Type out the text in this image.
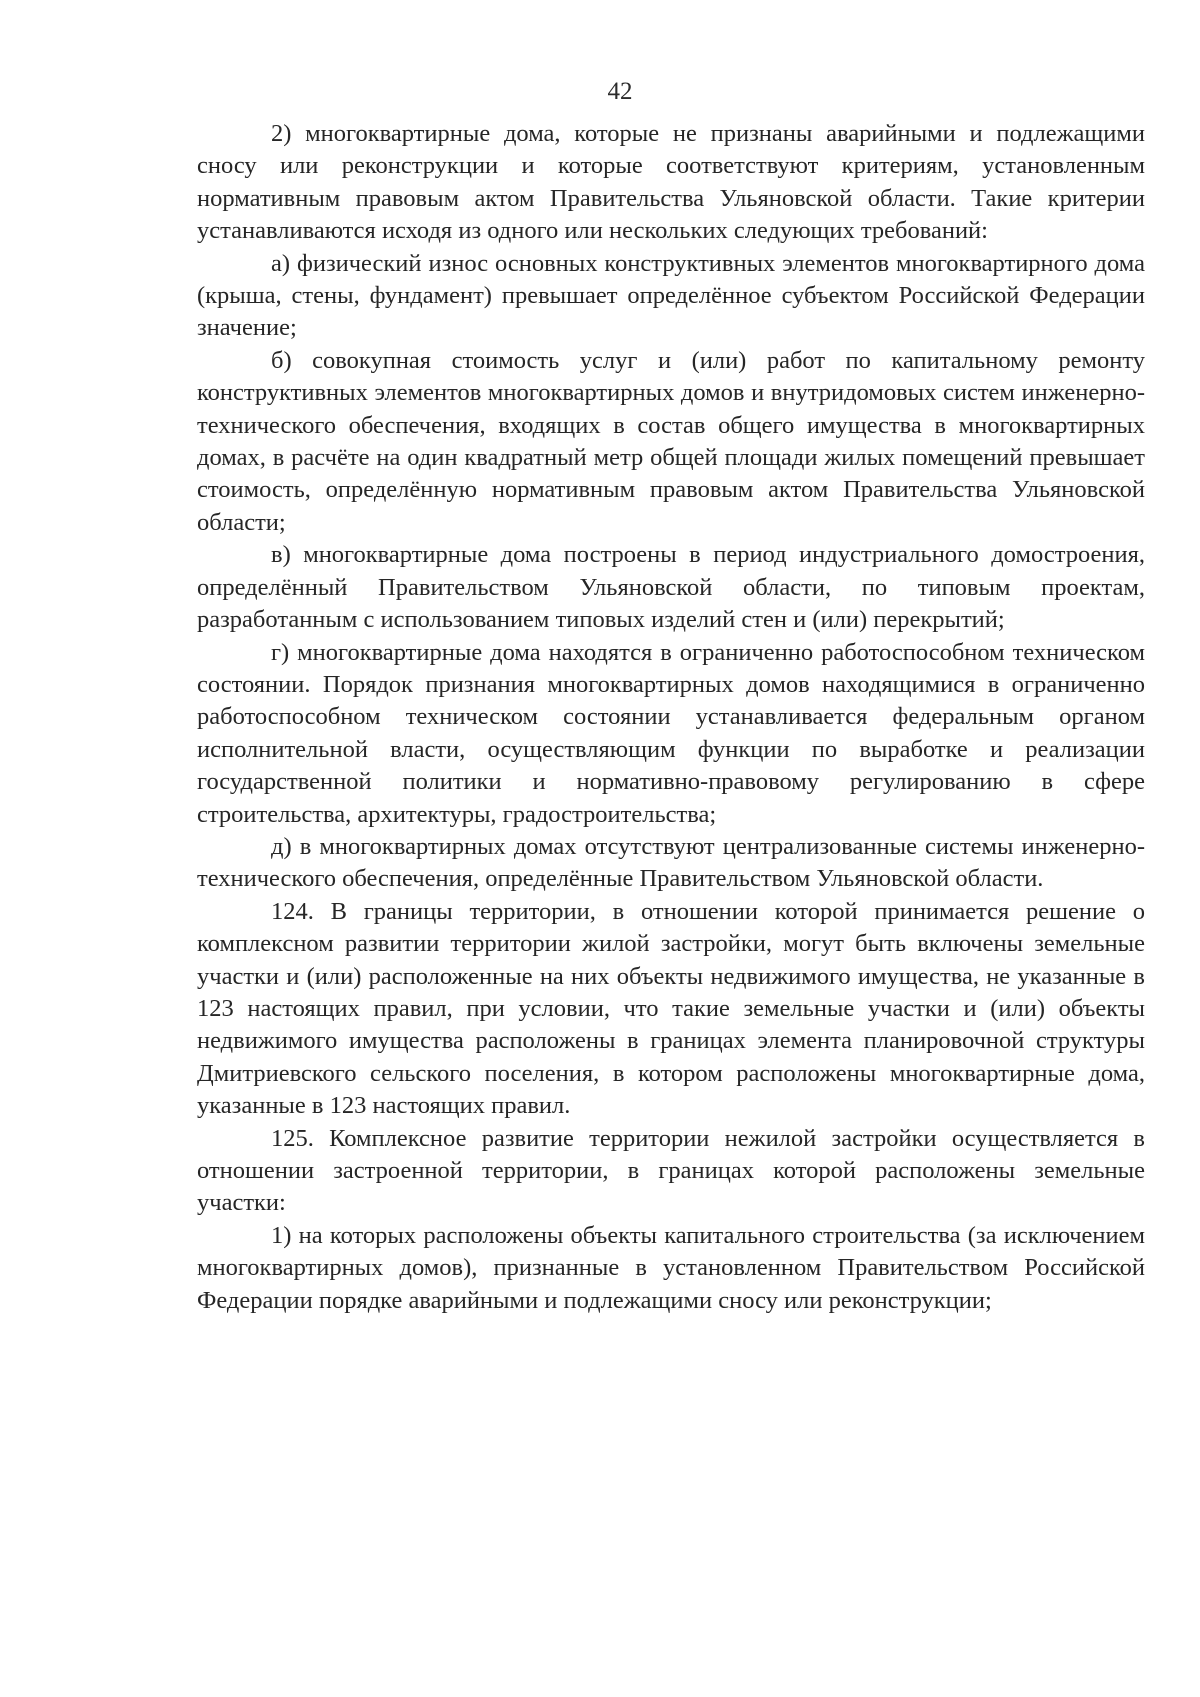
42

2) многоквартирные дома, которые не признаны аварийными и подлежащими сносу или реконструкции и которые соответствуют критериям, установленным нормативным правовым актом Правительства Ульяновской области. Такие критерии устанавливаются исходя из одного или нескольких следующих требований:

а) физический износ основных конструктивных элементов многоквартирного дома (крыша, стены, фундамент) превышает определённое субъектом Российской Федерации значение;

б) совокупная стоимость услуг и (или) работ по капитальному ремонту конструктивных элементов многоквартирных домов и внутридомовых систем инженерно-технического обеспечения, входящих в состав общего имущества в многоквартирных домах, в расчёте на один квадратный метр общей площади жилых помещений превышает стоимость, определённую нормативным правовым актом Правительства Ульяновской области;

в) многоквартирные дома построены в период индустриального домостроения, определённый Правительством Ульяновской области, по типовым проектам, разработанным с использованием типовых изделий стен и (или) перекрытий;

г) многоквартирные дома находятся в ограниченно работоспособном техническом состоянии. Порядок признания многоквартирных домов находящимися в ограниченно работоспособном техническом состоянии устанавливается федеральным органом исполнительной власти, осуществляющим функции по выработке и реализации государственной политики и нормативно-правовому регулированию в сфере строительства, архитектуры, градостроительства;

д) в многоквартирных домах отсутствуют централизованные системы инженерно-технического обеспечения, определённые Правительством Ульяновской области.

124. В границы территории, в отношении которой принимается решение о комплексном развитии территории жилой застройки, могут быть включены земельные участки и (или) расположенные на них объекты недвижимого имущества, не указанные в 123 настоящих правил, при условии, что такие земельные участки и (или) объекты недвижимого имущества расположены в границах элемента планировочной структуры Дмитриевского сельского поселения, в котором расположены многоквартирные дома, указанные в 123 настоящих правил.

125. Комплексное развитие территории нежилой застройки осуществляется в отношении застроенной территории, в границах которой расположены земельные участки:

1) на которых расположены объекты капитального строительства (за исключением многоквартирных домов), признанные в установленном Правительством Российской Федерации порядке аварийными и подлежащими сносу или реконструкции;
